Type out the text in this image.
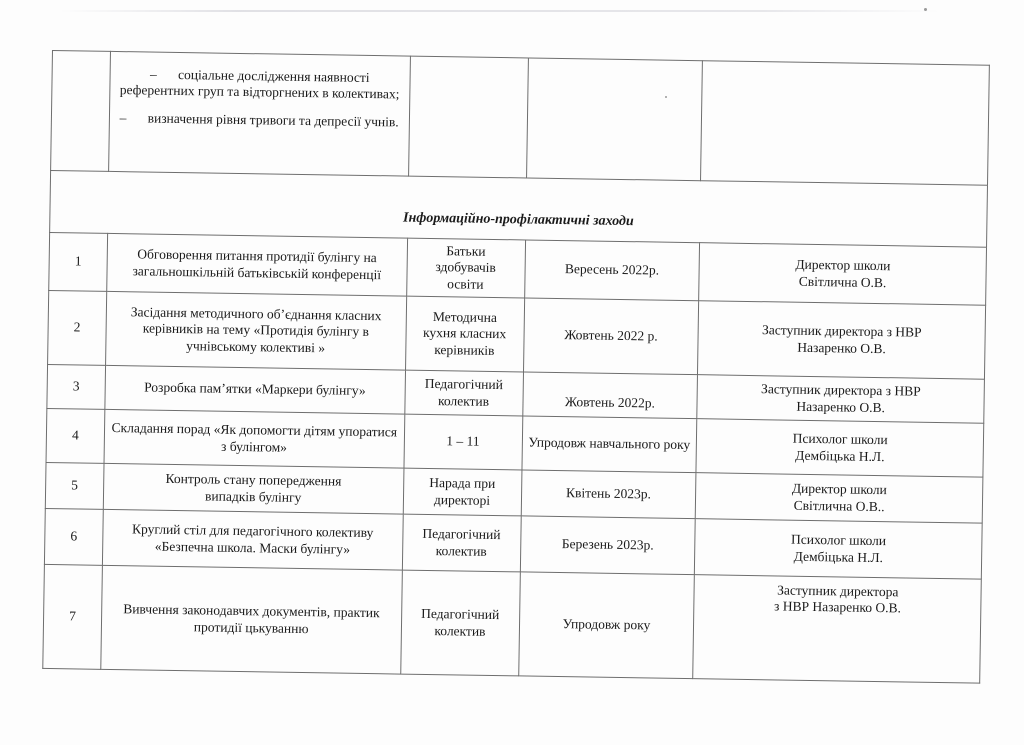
	– соціальне дослідження наявності референтних груп та відторгнених в колективах;
– визначення рівня тривоги та депресії учнів.			

Інформаційно-профілактичні заходи				
1	Обговорення питання протидії булінгу на загальношкільній батьківській конференції	Батьки
здобувачів
освіти	Вересень 2022р.	Директор школи
Світлична О.В.

2	Засідання методичного об’єднання класних керівників на тему «Протидія булінгу в учнівському колективі »	Методична
кухня класних
керівників	Жовтень 2022 р.	Заступник директора з НВР
Назаренко О.В.

3	Розробка пам’ятки «Маркери булінгу»	Педагогічний
колектив	Жовтень 2022р.	Заступник директора з НВР
Назаренко О.В.

4	Складання порад «Як допомогти дітям упоратися з булінгом»	1 – 11	Упродовж навчального року	Психолог школи
Дембіцька Н.Л.

5	Контроль стану попередження
випадків булінгу	Нарада при
директорі	Квітень 2023р.	Директор школи
Світлична О.В..

6	Круглий стіл для педагогічного колективу «Безпечна школа. Маски булінгу»	Педагогічний
колектив	Березень 2023р.	Психолог школи
Дембіцька Н.Л.

7	Вивчення законодавчих документів, практик протидії цькуванню	Педагогічний
колектив	Упродовж року	Заступник директора
з НВР Назаренко О.В.
